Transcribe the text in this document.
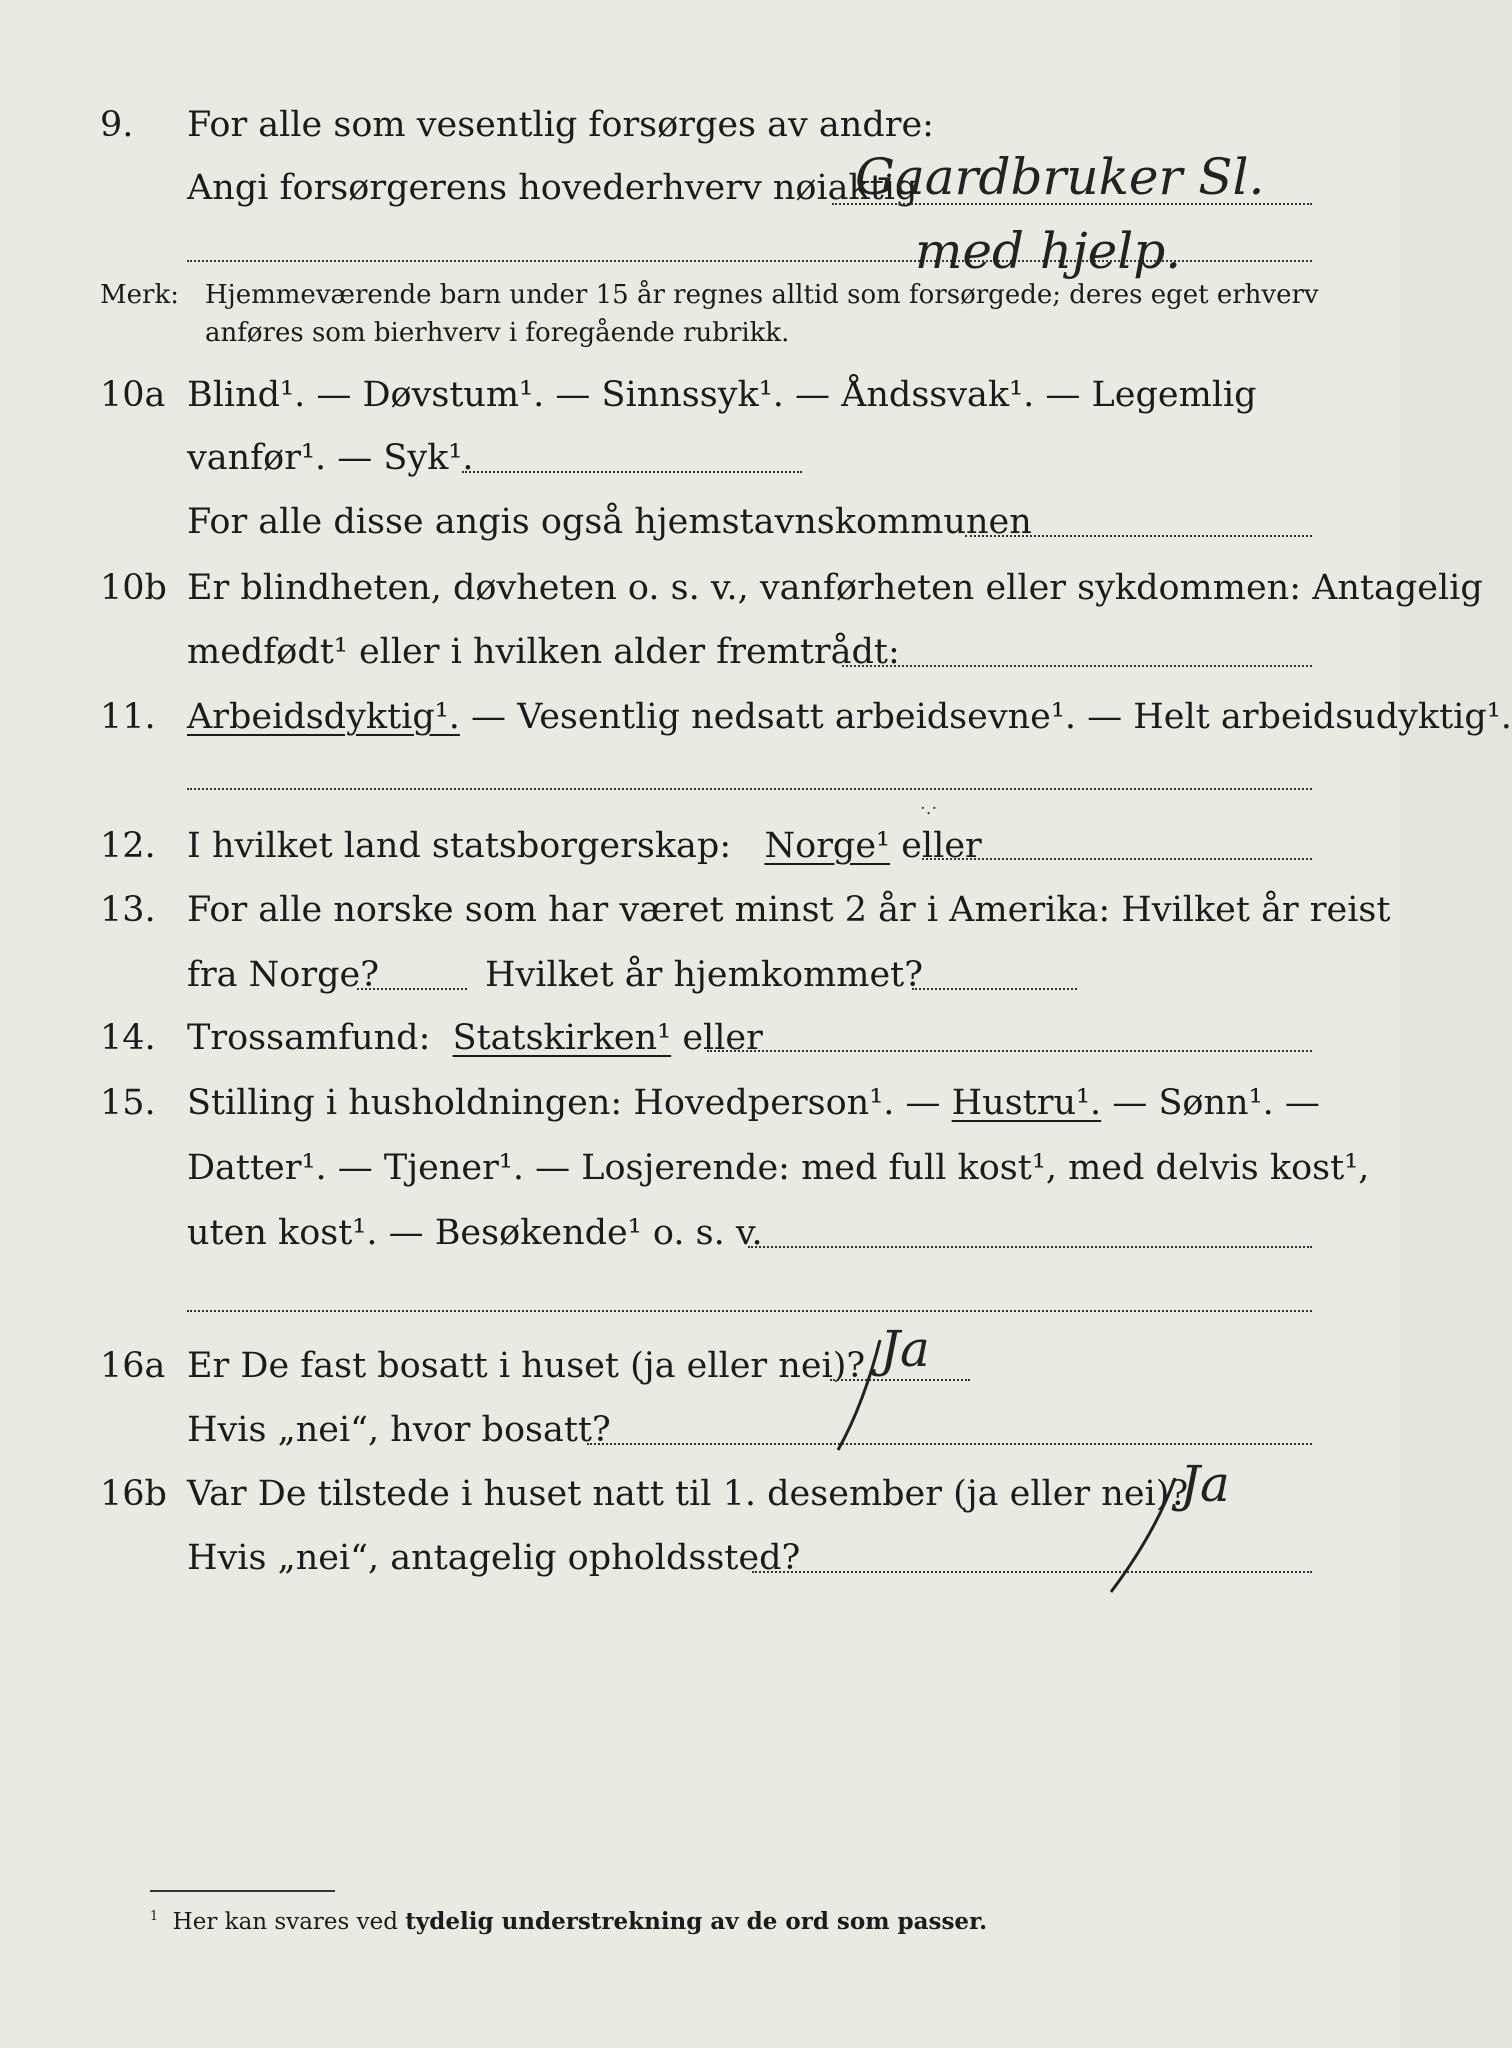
9. For alle som vesentlig forsørges av andre:
Angi forsørgerens hovederhverv nøiaktig
Gaardbruker Sl.
med hjelp.
Merk: Hjemmeværende barn under 15 år regnes alltid som forsørgede; deres eget erhverv
anføres som bierhverv i foregående rubrikk.
10a Blind¹. — Døvstum¹. — Sinnssyk¹. — Åndssvak¹. — Legemlig
vanfør¹. — Syk¹.
For alle disse angis også hjemstavnskommunen
10b Er blindheten, døvheten o. s. v., vanførheten eller sykdommen: Antagelig
medfødt¹ eller i hvilken alder fremtrådt:
11. Arbeidsdyktig¹. — Vesentlig nedsatt arbeidsevne¹. — Helt arbeidsudyktig¹.
·.·
12. I hvilket land statsborgerskap: Norge¹ eller
13. For alle norske som har været minst 2 år i Amerika: Hvilket år reist
fra Norge?	Hvilket år hjemkommet?
14. Trossamfund: Statskirken¹ eller
15. Stilling i husholdningen: Hovedperson¹. — Hustru¹. — Sønn¹. —
Datter¹. — Tjener¹. — Losjerende: med full kost¹, med delvis kost¹,
uten kost¹. — Besøkende¹ o. s. v.
16a Er De fast bosatt i huset (ja eller nei)? Ja
Hvis „nei“, hvor bosatt?
16b Var De tilstede i huset natt til 1. desember (ja eller nei)?
Ja
Hvis „nei“, antagelig opholdssted?
$^1$ Her kan svares ved tydelig understrekning av de ord som passer.
